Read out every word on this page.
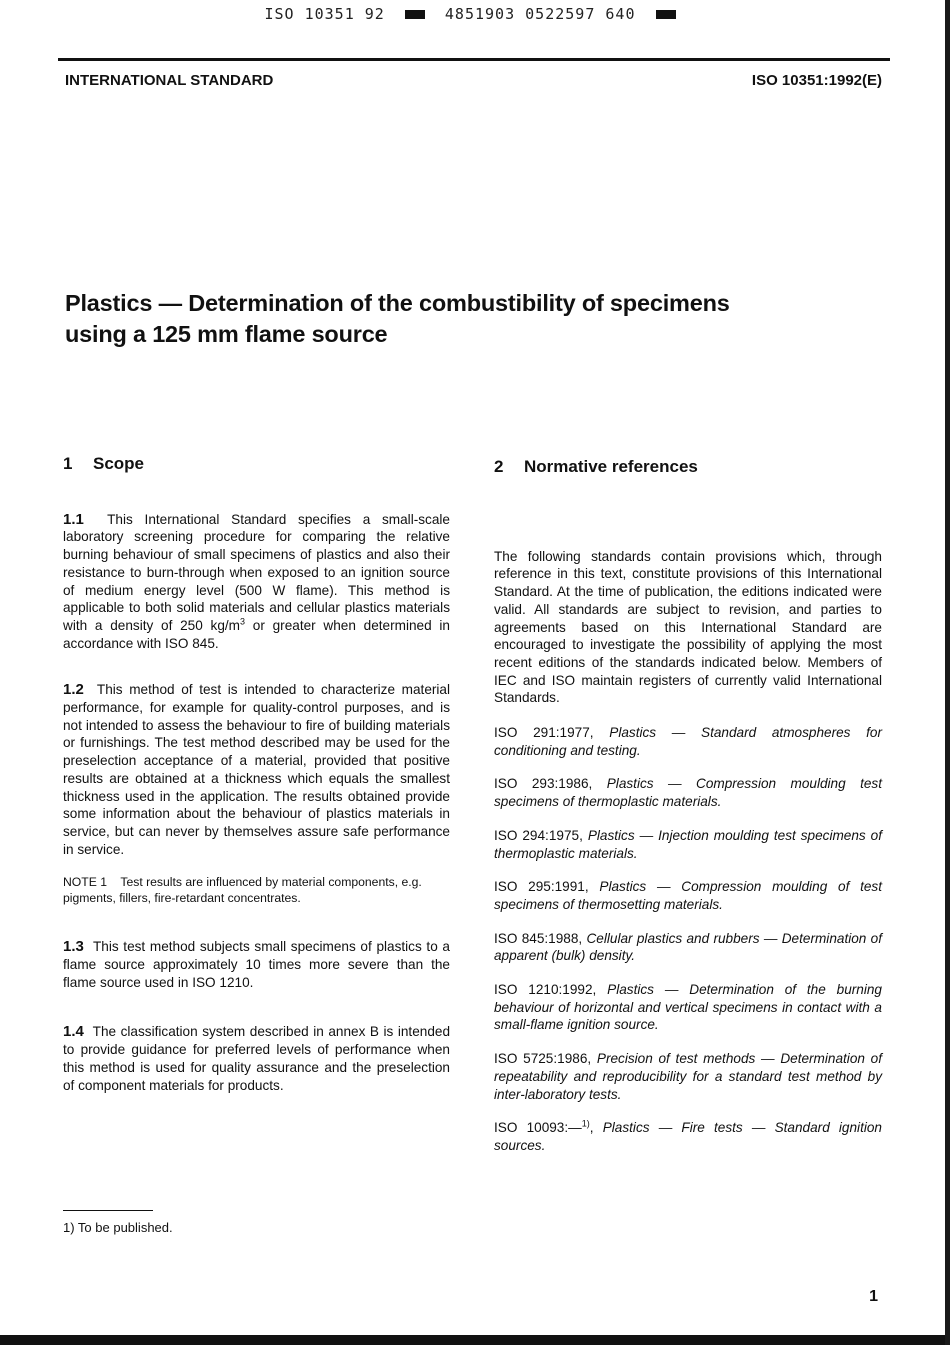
ISO 10351 92	4851903 0522597 640
INTERNATIONAL STANDARD	ISO 10351:1992(E)
Plastics — Determination of the combustibility of specimens
using a 125 mm flame source
1 Scope

1.1 This International Standard specifies a small-scale laboratory screening procedure for comparing the relative burning behaviour of small specimens of plastics and also their resistance to burn-through when exposed to an ignition source of medium energy level (500 W flame). This method is applicable to both solid materials and cellular plastics materials with a density of 250 $kg/m^3$ or greater when determined in accordance with ISO 845.

1.2 This method of test is intended to characterize material performance, for example for quality-control purposes, and is not intended to assess the behaviour to fire of building materials or furnishings. The test method described may be used for the preselection acceptance of a material, provided that positive results are obtained at a thickness which equals the smallest thickness used in the application. The results obtained provide some information about the behaviour of plastics materials in service, but can never by themselves assure safe performance in service.

NOTE 1 Test results are influenced by material components, e.g. pigments, fillers, fire-retardant concentrates.

1.3 This test method subjects small specimens of plastics to a flame source approximately 10 times more severe than the flame source used in ISO 1210.

1.4 The classification system described in annex B is intended to provide guidance for preferred levels of performance when this method is used for quality assurance and the preselection of component materials for products.

2 Normative references

The following standards contain provisions which, through reference in this text, constitute provisions of this International Standard. At the time of publication, the editions indicated were valid. All standards are subject to revision, and parties to agreements based on this International Standard are encouraged to investigate the possibility of applying the most recent editions of the standards indicated below. Members of IEC and ISO maintain registers of currently valid International Standards.

ISO 291:1977, Plastics — Standard atmospheres for conditioning and testing.

ISO 293:1986, Plastics — Compression moulding test specimens of thermoplastic materials.

ISO 294:1975, Plastics — Injection moulding test specimens of thermoplastic materials.

ISO 295:1991, Plastics — Compression moulding of test specimens of thermosetting materials.

ISO 845:1988, Cellular plastics and rubbers — Determination of apparent (bulk) density.

ISO 1210:1992, Plastics — Determination of the burning behaviour of horizontal and vertical specimens in contact with a small-flame ignition source.

ISO 5725:1986, Precision of test methods — Determination of repeatability and reproducibility for a standard test method by inter-laboratory tests.

ISO 10093:—$^{1)}$, Plastics — Fire tests — Standard ignition sources.

1) To be published.
1
